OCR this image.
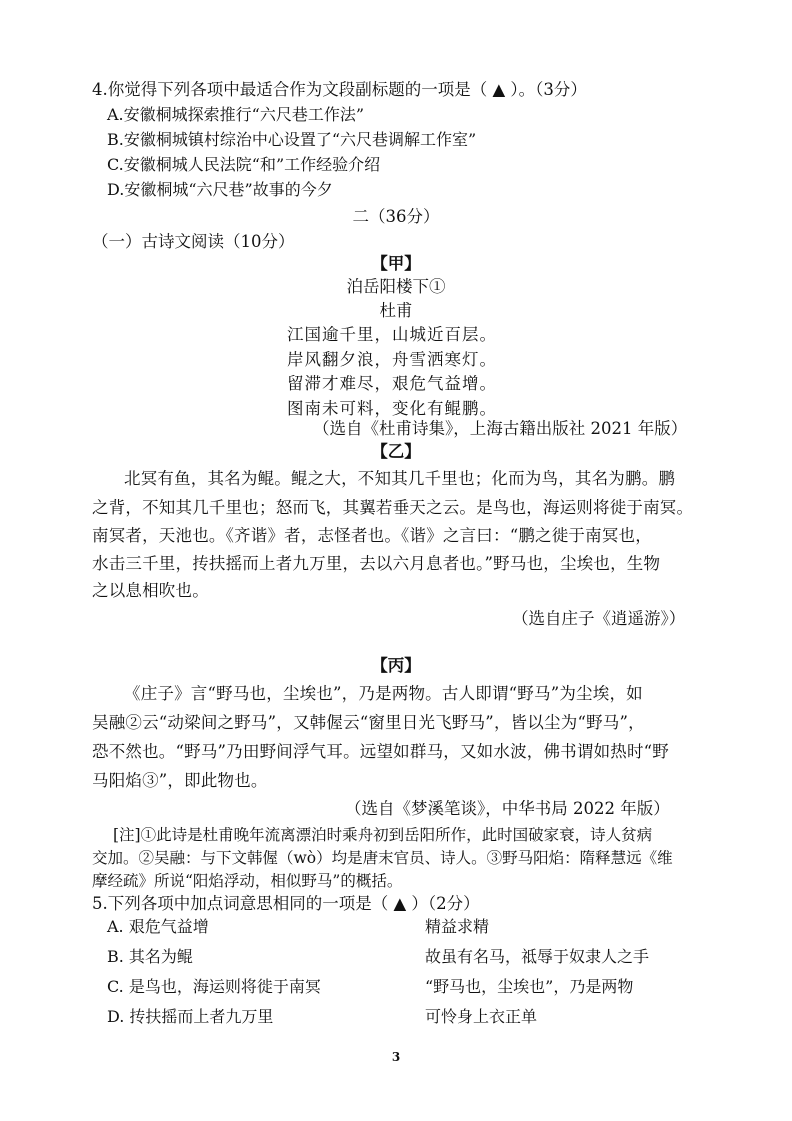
4.你觉得下列各项中最适合作为文段副标题的一项是（ ▲ ）。（3分）
A.安徽桐城探索推行“六尺巷工作法”
B.安徽桐城镇村综治中心设置了“六尺巷调解工作室”
C.安徽桐城人民法院“和”工作经验介绍
D.安徽桐城“六尺巷”故事的今夕
二（36分）
（一）古诗文阅读（10分）
【甲】
泊岳阳楼下①
杜甫
江国逾千里，山城近百层。
岸风翻夕浪，舟雪洒寒灯。
留滞才难尽，艰危气益增。
图南未可料，变化有鲲鹏。
（选自《杜甫诗集》，上海古籍出版社 2021 年版）
【乙】
北冥有鱼，其名为鲲。鲲之大，不知其几千里也；化而为鸟，其名为鹏。鹏
之背，不知其几千里也；怒而飞，其翼若垂天之云。是鸟也，海运则将徙于南冥。
南冥者，天池也。《齐谐》者，志怪者也。《谐》之言曰：“鹏之徙于南冥也，
水击三千里，抟扶摇而上者九万里，去以六月息者也。”野马也，尘埃也，生物
之以息相吹也。
（选自庄子《逍遥游》）
【丙】
《庄子》言“野马也，尘埃也”，乃是两物。古人即谓“野马”为尘埃，如
吴融②云“动梁间之野马”，又韩偓云“窗里日光飞野马”，皆以尘为“野马”，
恐不然也。“野马”乃田野间浮气耳。远望如群马，又如水波，佛书谓如热时“野
马阳焰③”，即此物也。
（选自《梦溪笔谈》，中华书局 2022 年版）
[注]①此诗是杜甫晚年流离漂泊时乘舟初到岳阳所作，此时国破家衰，诗人贫病
交加。②吴融：与下文韩偓（wò）均是唐末官员、诗人。③野马阳焰：隋释慧远《维
摩经疏》所说“阳焰浮动，相似野马”的概括。
5.下列各项中加点词意思相同的一项是（ ▲ ）（2分）
A. 艰危气益增	精益求精
B. 其名为鲲	故虽有名马，祗辱于奴隶人之手
C. 是鸟也，海运则将徙于南冥	“野马也，尘埃也”，乃是两物
D. 抟扶摇而上者九万里	可怜身上衣正单
3
